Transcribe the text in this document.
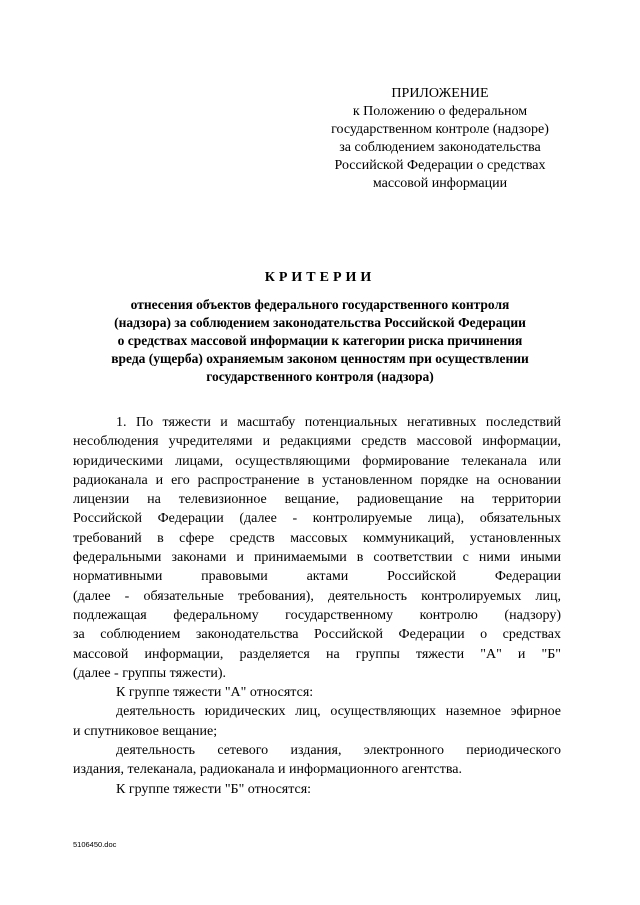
ПРИЛОЖЕНИЕ
к Положению о федеральном
государственном контроле (надзоре)
за соблюдением законодательства
Российской Федерации о средствах
массовой информации
КРИТЕРИИ
отнесения объектов федерального государственного контроля
(надзора) за соблюдением законодательства Российской Федерации
о средствах массовой информации к категории риска причинения
вреда (ущерба) охраняемым законом ценностям при осуществлении
государственного контроля (надзора)
1. По тяжести и масштабу потенциальных негативных последствий
несоблюдения учредителями и редакциями средств массовой информации,
юридическими лицами, осуществляющими формирование телеканала или
радиоканала и его распространение в установленном порядке на основании
лицензии на телевизионное вещание, радиовещание на территории
Российской Федерации (далее - контролируемые лица), обязательных
требований в сфере средств массовых коммуникаций, установленных
федеральными законами и принимаемыми в соответствии с ними иными
нормативными правовыми актами Российской Федерации
(далее - обязательные требования), деятельность контролируемых лиц,
подлежащая федеральному государственному контролю (надзору)
за соблюдением законодательства Российской Федерации о средствах
массовой информации, разделяется на группы тяжести "А" и "Б"
(далее - группы тяжести).
К группе тяжести "А" относятся:
деятельность юридических лиц, осуществляющих наземное эфирное
и спутниковое вещание;
деятельность сетевого издания, электронного периодического
издания, телеканала, радиоканала и информационного агентства.
К группе тяжести "Б" относятся:
5106450.doc
